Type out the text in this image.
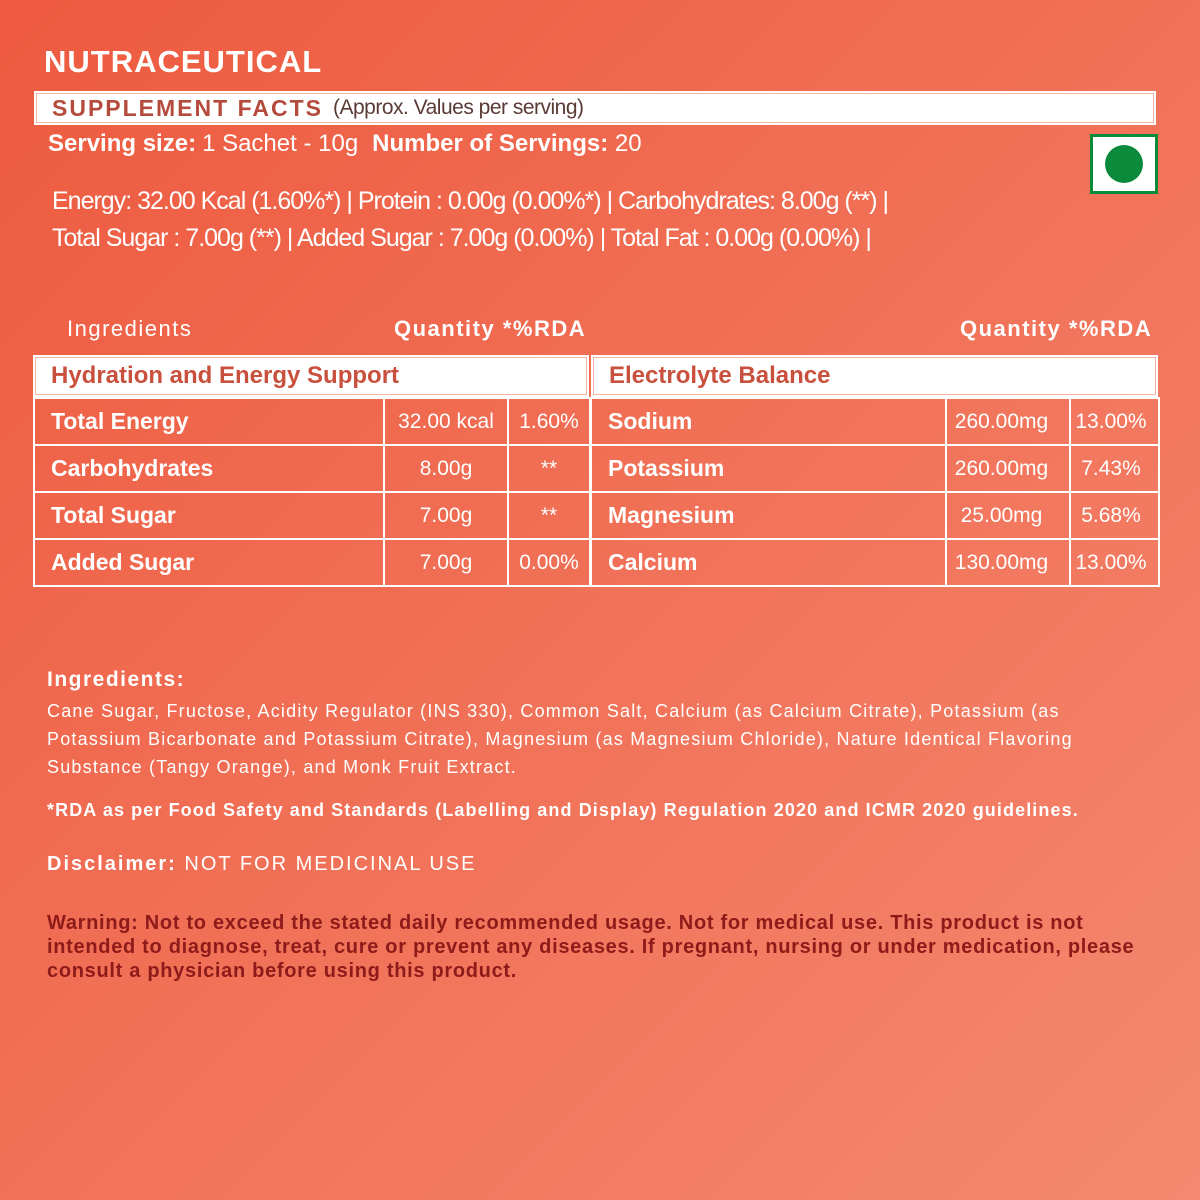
NUTRACEUTICAL
SUPPLEMENT FACTS (Approx. Values per serving)
Serving size: 1 Sachet - 10g Number of Servings: 20
Energy: 32.00 Kcal (1.60%*) | Protein : 0.00g (0.00%*) | Carbohydrates: 8.00g (**) |
Total Sugar : 7.00g (**) | Added Sugar : 7.00g (0.00%) | Total Fat : 0.00g (0.00%) |
Ingredients	Quantity *%RDA	Quantity *%RDA
Hydration and Energy Support	Electrolyte Balance
Total Energy	32.00 kcal	1.60%
Carbohydrates	8.00g	**
Total Sugar	7.00g	**
Added Sugar	7.00g	0.00%
Sodium	260.00mg	13.00%
Potassium	260.00mg	7.43%
Magnesium	25.00mg	5.68%
Calcium	130.00mg	13.00%
Ingredients:
Cane Sugar, Fructose, Acidity Regulator (INS 330), Common Salt, Calcium (as Calcium Citrate), Potassium (as Potassium Bicarbonate and Potassium Citrate), Magnesium (as Magnesium Chloride), Nature Identical Flavoring Substance (Tangy Orange), and Monk Fruit Extract.
*RDA as per Food Safety and Standards (Labelling and Display) Regulation 2020 and ICMR 2020 guidelines.
Disclaimer: NOT FOR MEDICINAL USE
Warning: Not to exceed the stated daily recommended usage. Not for medical use. This product is not intended to diagnose, treat, cure or prevent any diseases. If pregnant, nursing or under medication, please consult a physician before using this product.
